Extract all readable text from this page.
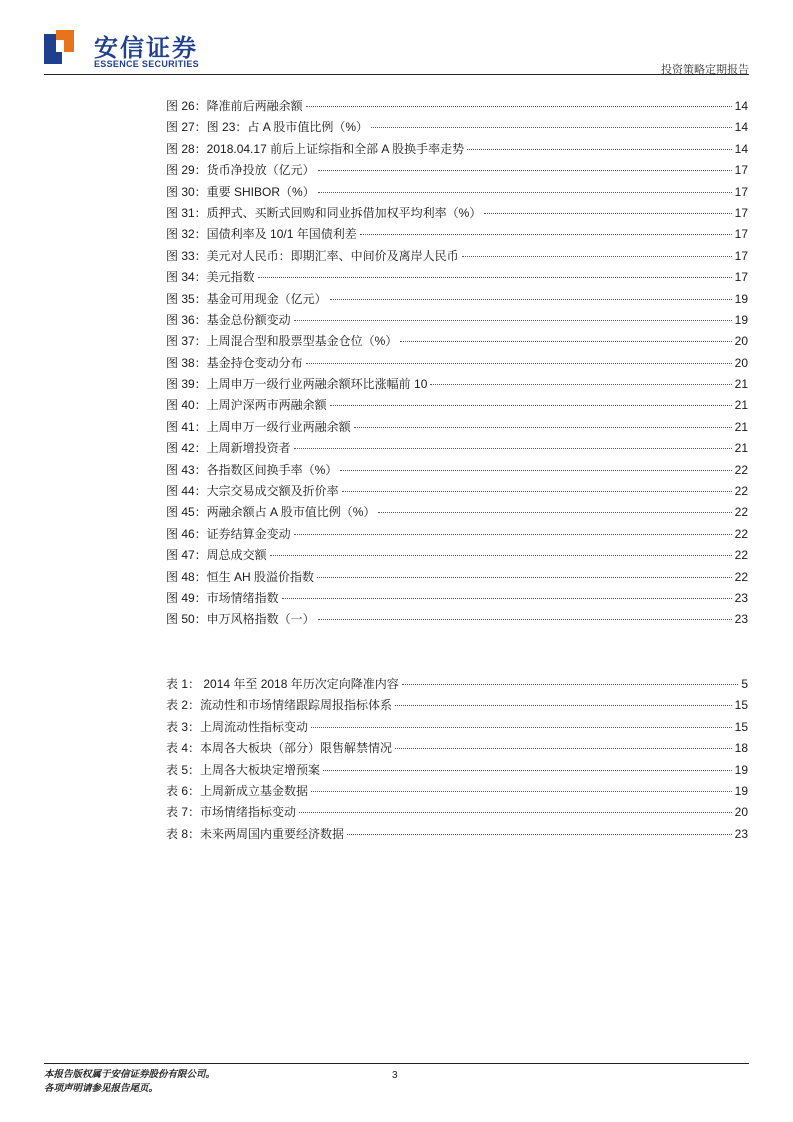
安信证券
ESSENCE SECURITIES	投资策略定期报告
图 26：降准前后两融余额	14
图 27：图 23：占 A 股市值比例（%）	14
图 28：2018.04.17 前后上证综指和全部 A 股换手率走势	14
图 29：货币净投放（亿元）	17
图 30：重要 SHIBOR（%）	17
图 31：质押式、买断式回购和同业拆借加权平均利率（%）	17
图 32：国债利率及 10/1 年国债利差	17
图 33：美元对人民币：即期汇率、中间价及离岸人民币	17
图 34：美元指数	17
图 35：基金可用现金（亿元）	19
图 36：基金总份额变动	19
图 37：上周混合型和股票型基金仓位（%）	20
图 38：基金持仓变动分布	20
图 39：上周申万一级行业两融余额环比涨幅前 10	21
图 40：上周沪深两市两融余额	21
图 41：上周申万一级行业两融余额	21
图 42：上周新增投资者	21
图 43：各指数区间换手率（%）	22
图 44：大宗交易成交额及折价率	22
图 45：两融余额占 A 股市值比例（%）	22
图 46：证券结算金变动	22
图 47：周总成交额	22
图 48：恒生 AH 股溢价指数	22
图 49：市场情绪指数	23
图 50：申万风格指数（一）	23
表 1： 2014 年至 2018 年历次定向降准内容	5
表 2：流动性和市场情绪跟踪周报指标体系	15
表 3：上周流动性指标变动	15
表 4：本周各大板块（部分）限售解禁情况	18
表 5：上周各大板块定增预案	19
表 6：上周新成立基金数据	19
表 7：市场情绪指标变动	20
表 8：未来两周国内重要经济数据	23
本报告版权属于安信证券股份有限公司。
各项声明请参见报告尾页。
3
